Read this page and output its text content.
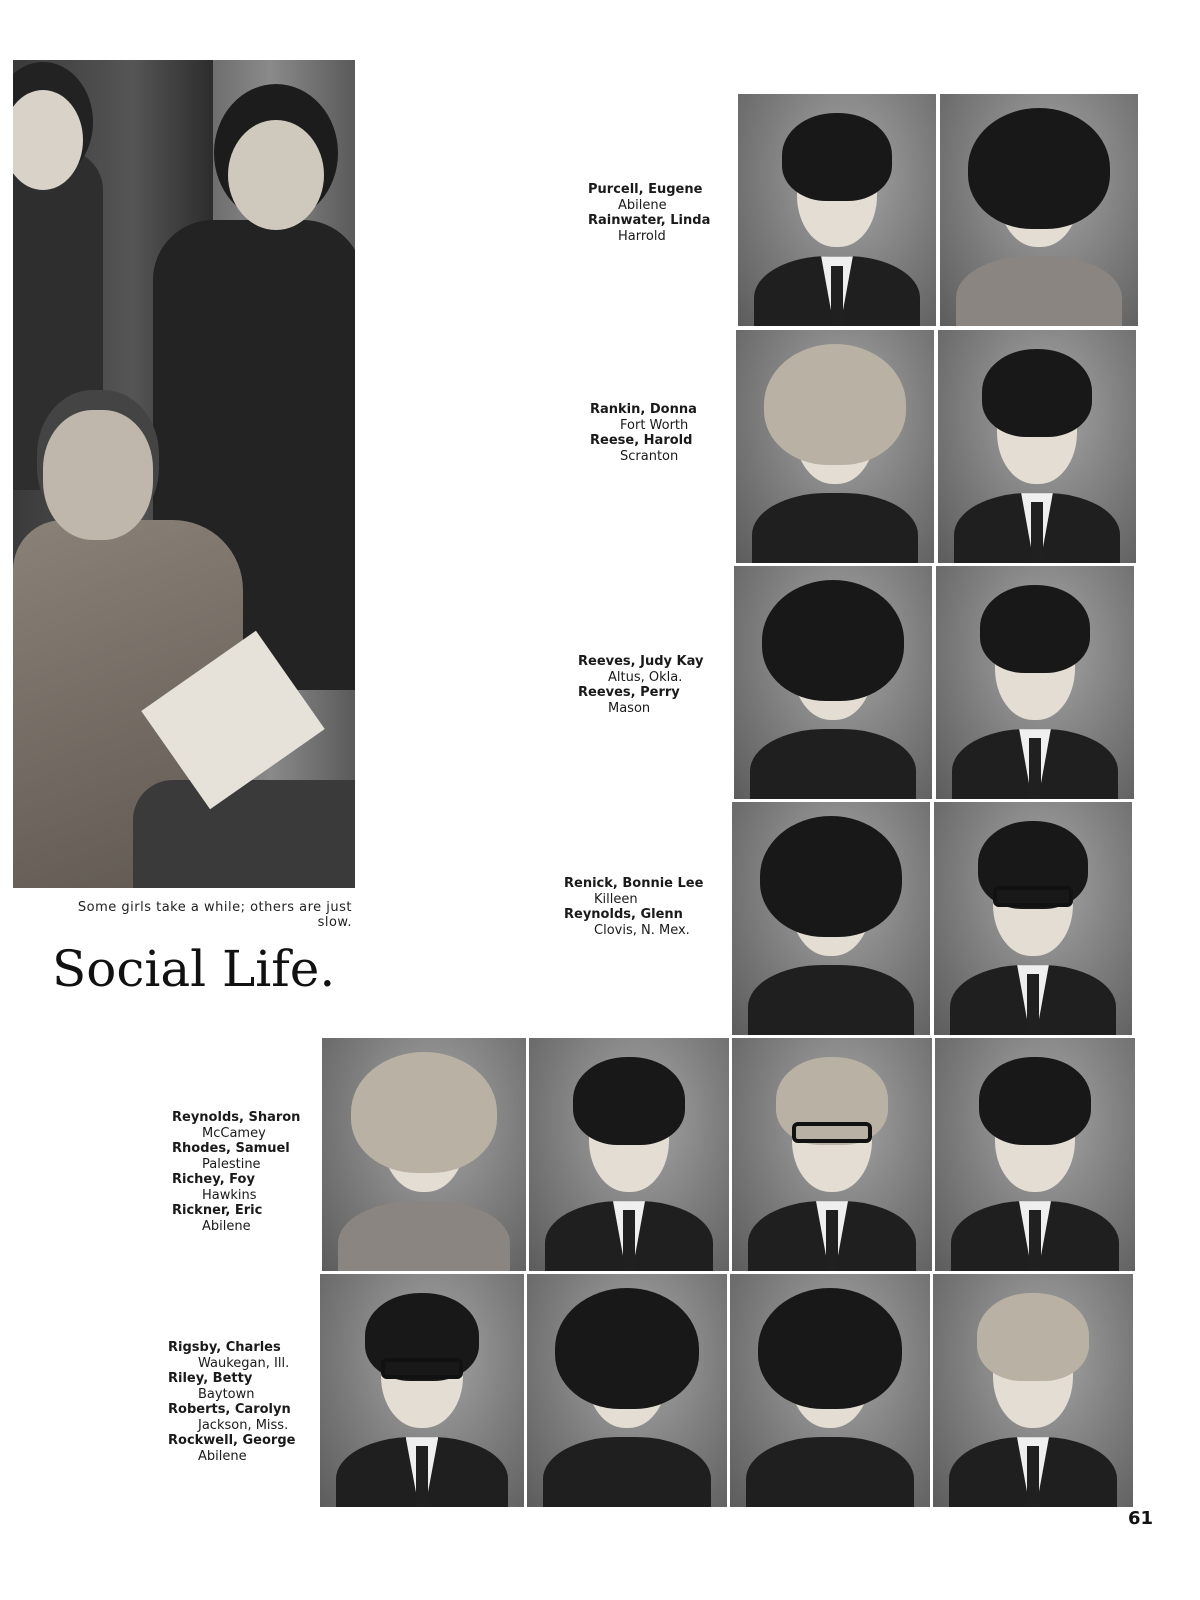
Some girls take a while; others are just slow.
Social Life.
Purcell, Eugene
Abilene
Rainwater, Linda
Harrold
Rankin, Donna
Fort Worth
Reese, Harold
Scranton
Reeves, Judy Kay
Altus, Okla.
Reeves, Perry
Mason
Renick, Bonnie Lee
Killeen
Reynolds, Glenn
Clovis, N. Mex.
Reynolds, Sharon
McCamey
Rhodes, Samuel
Palestine
Richey, Foy
Hawkins
Rickner, Eric
Abilene
Rigsby, Charles
Waukegan, Ill.
Riley, Betty
Baytown
Roberts, Carolyn
Jackson, Miss.
Rockwell, George
Abilene
61
